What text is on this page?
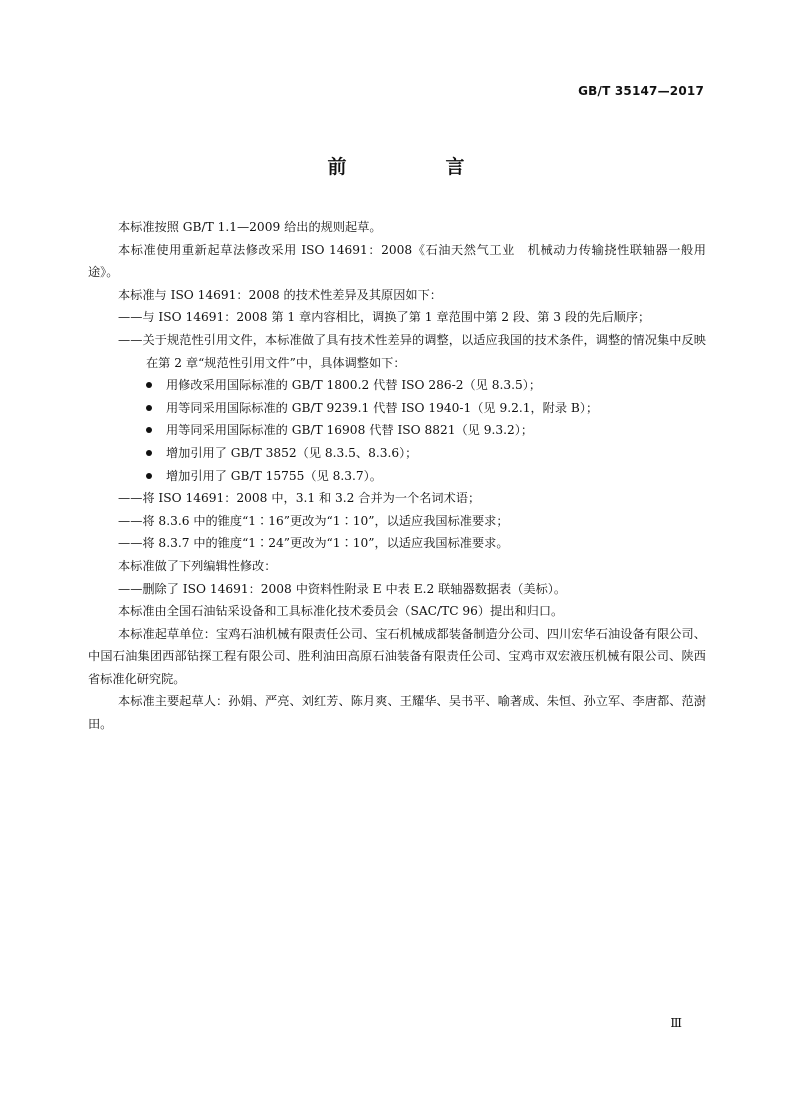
GB/T 35147—2017
前　言
本标准按照 GB/T 1.1—2009 给出的规则起草。
本标准使用重新起草法修改采用 ISO 14691：2008《石油天然气工业　机械动力传输挠性联轴器一般用途》。
本标准与 ISO 14691：2008 的技术性差异及其原因如下：
——与 ISO 14691：2008 第 1 章内容相比，调换了第 1 章范围中第 2 段、第 3 段的先后顺序；
——关于规范性引用文件，本标准做了具有技术性差异的调整，以适应我国的技术条件，调整的情况集中反映在第 2 章“规范性引用文件”中，具体调整如下：
用修改采用国际标准的 GB/T 1800.2 代替 ISO 286-2（见 8.3.5）；
用等同采用国际标准的 GB/T 9239.1 代替 ISO 1940-1（见 9.2.1，附录 B）；
用等同采用国际标准的 GB/T 16908 代替 ISO 8821（见 9.3.2）；
增加引用了 GB/T 3852（见 8.3.5、8.3.6）；
增加引用了 GB/T 15755（见 8.3.7）。
——将 ISO 14691：2008 中，3.1 和 3.2 合并为一个名词术语；
——将 8.3.6 中的锥度“1∶16”更改为“1∶10”，以适应我国标准要求；
——将 8.3.7 中的锥度“1∶24”更改为“1∶10”，以适应我国标准要求。
本标准做了下列编辑性修改：
——删除了 ISO 14691：2008 中资料性附录 E 中表 E.2 联轴器数据表（美标）。
本标准由全国石油钻采设备和工具标准化技术委员会（SAC/TC 96）提出和归口。
本标准起草单位：宝鸡石油机械有限责任公司、宝石机械成都装备制造分公司、四川宏华石油设备有限公司、中国石油集团西部钻探工程有限公司、胜利油田高原石油装备有限责任公司、宝鸡市双宏液压机械有限公司、陕西省标准化研究院。
本标准主要起草人：孙娟、严亮、刘红芳、陈月爽、王耀华、吴书平、喻著成、朱恒、孙立军、李唐都、范澍田。
Ⅲ
